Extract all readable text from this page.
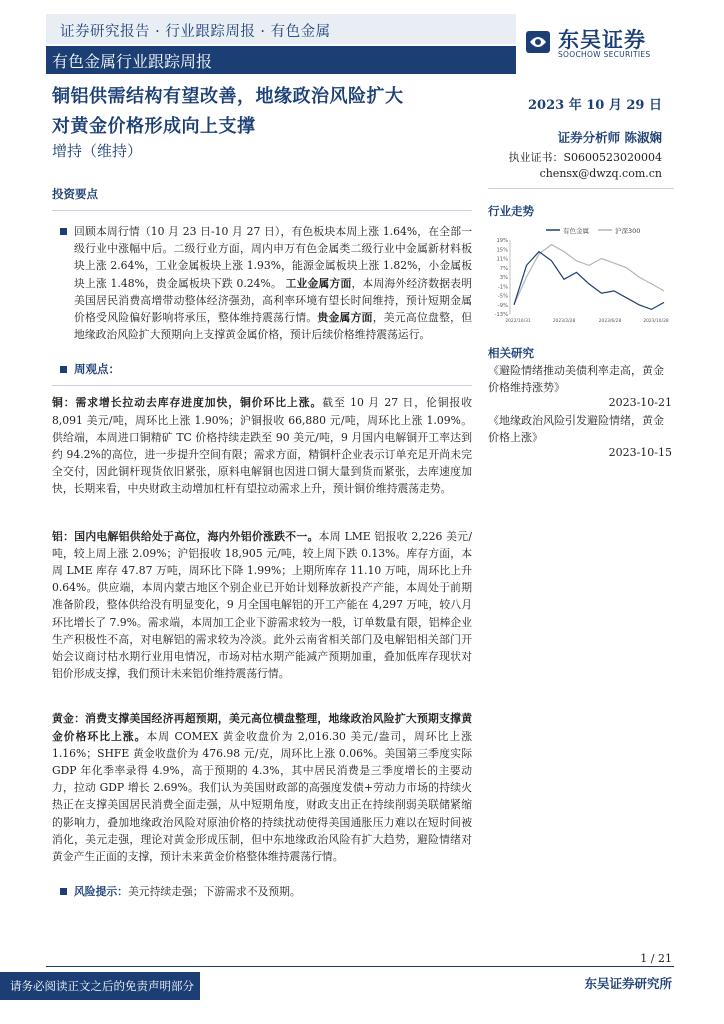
证券研究报告 · 行业跟踪周报 · 有色金属	东吴证券
SOOCHOW SECURITIES
有色金属行业跟踪周报
铜铝供需结构有望改善，地缘政治风险扩大
对黄金价格形成向上支撑
增持（维持）
2023 年 10 月 29 日
证券分析师 陈淑娴
执业证书：S0600523020004
chensx@dwzq.com.cn
投资要点

回顾本周行情（10 月 23 日-10 月 27 日），有色板块本周上涨 1.64%，在全部一级行业中涨幅中后。二级行业方面，周内申万有色金属类二级行业中金属新材料板块上涨 2.64%，工业金属板块上涨 1.93%，能源金属板块上涨 1.82%，小金属板块上涨 1.48%，贵金属板块下跌 0.24%。 工业金属方面，本周海外经济数据表明美国居民消费高增带动整体经济强劲，高利率环境有望长时间维持，预计短期金属价格受风险偏好影响将承压，整体维持震荡行情。贵金属方面，美元高位盘整，但地缘政治风险扩大预期向上支撑黄金属价格，预计后续价格维持震荡运行。

周观点：

铜：需求增长拉动去库存进度加快，铜价环比上涨。截至 10 月 27 日，伦铜报收 8,091 美元/吨，周环比上涨 1.90%；沪铜报收 66,880 元/吨，周环比上涨 1.09%。供给端，本周进口铜精矿 TC 价格持续走跌至 90 美元/吨，9 月国内电解铜开工率达到约 94.2%的高位，进一步提升空间有限；需求方面，精铜杆企业表示订单充足开尚未完全交付，因此铜杆现货依旧紧张，原料电解铜也因进口铜大量到货而紧张，去库速度加快，长期来看，中央财政主动增加杠杆有望拉动需求上升，预计铜价维持震荡走势。

铝：国内电解铝供给处于高位，海内外铝价涨跌不一。本周 LME 铝报收 2,226 美元/吨，较上周上涨 2.09%；沪铝报收 18,905 元/吨，较上周下跌 0.13%。库存方面，本周 LME 库存 47.87 万吨，周环比下降 1.99%；上期所库存 11.10 万吨，周环比上升 0.64%。供应端，本周内蒙古地区个别企业已开始计划释放新投产产能，本周处于前期准备阶段，整体供给没有明显变化，9 月全国电解铝的开工产能在 4,297 万吨，较八月环比增长了 7.9%。需求端，本周加工企业下游需求较为一般，订单数量有限，铝棒企业生产积极性不高，对电解铝的需求较为冷淡。此外云南省相关部门及电解铝相关部门开始会议商讨枯水期行业用电情况，市场对枯水期产能减产预期加重，叠加低库存现状对铝价形成支撑，我们预计未来铝价维持震荡行情。

黄金：消费支撑美国经济再超预期，美元高位横盘整理，地缘政治风险扩大预期支撑黄金价格环比上涨。本周 COMEX 黄金收盘价为 2,016.30 美元/盎司，周环比上涨 1.16%；SHFE 黄金收盘价为 476.98 元/克，周环比上涨 0.06%。美国第三季度实际 GDP 年化季率录得 4.9%，高于预期的 4.3%，其中居民消费是三季度增长的主要动力，拉动 GDP 增长 2.69%。我们认为美国财政部的高强度发债+劳动力市场的持续火热正在支撑美国居民消费全面走强，从中短期角度，财政支出正在持续削弱美联储紧缩的影响力，叠加地缘政治风险对原油价格的持续扰动使得美国通胀压力难以在短时间被消化，美元走强，理论对黄金形成压制，但中东地缘政治风险有扩大趋势，避险情绪对黄金产生正面的支撑，预计未来黄金价格整体维持震荡行情。

风险提示：美元持续走强；下游需求不及预期。

行业走势
有色金属	沪深300
19%
15%
11%
7%
3%
-1%
-5%
-9%
-13%
2022/10/31	2023/2/28	2023/6/28	2023/10/28
相关研究
《避险情绪推动美债利率走高，黄金价格维持涨势》
2023-10-21
《地缘政治风险引发避险情绪，黄金价格上涨》
2023-10-15
1 / 21
请务必阅读正文之后的免责声明部分	东吴证券研究所
